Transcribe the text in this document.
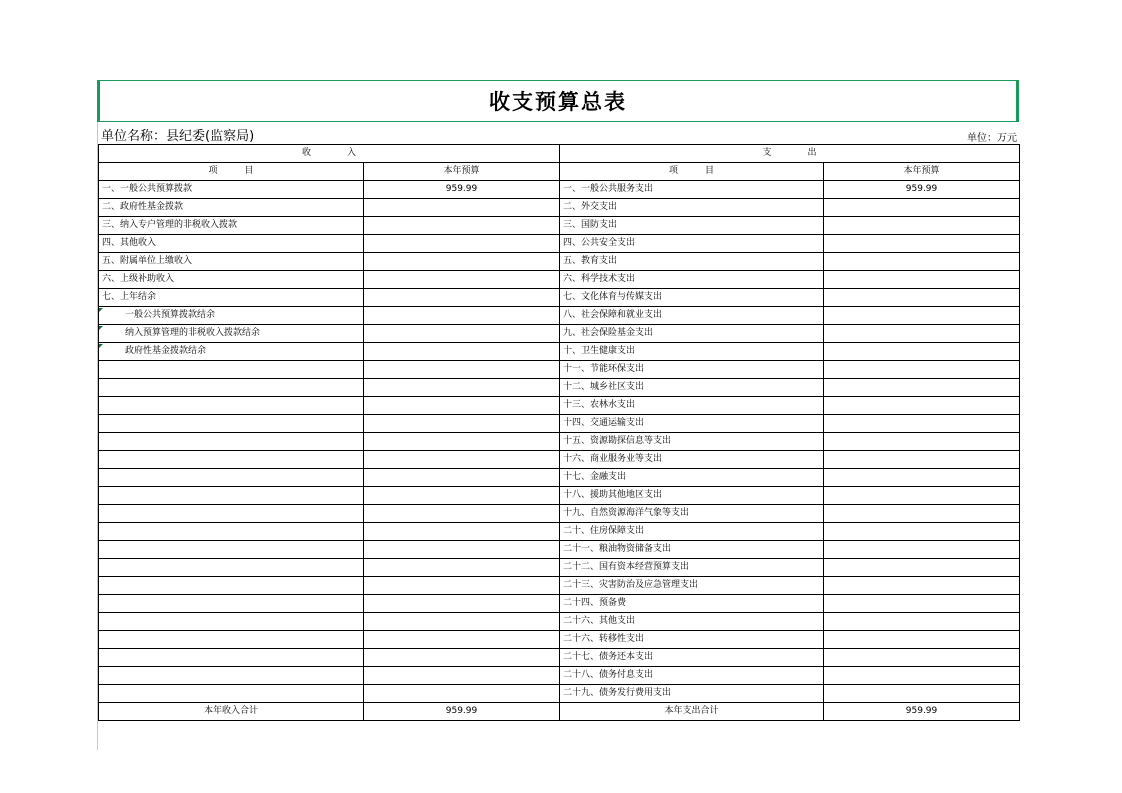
收支预算总表
单位名称：县纪委(监察局)	单位：万元
收　　　　入		支　　　　出	
项　　　目	本年预算	项　　　目	本年预算
一、一般公共预算拨款	959.99	一、一般公共服务支出	959.99
二、政府性基金拨款		二、外交支出	
三、纳入专户管理的非税收入拨款		三、国防支出	
四、其他收入		四、公共安全支出	
五、附属单位上缴收入		五、教育支出	
六、上级补助收入		六、科学技术支出	
七、上年结余		七、文化体育与传媒支出	
一般公共预算拨款结余		八、社会保障和就业支出	
纳入预算管理的非税收入拨款结余		九、社会保险基金支出	
政府性基金拨款结余		十、卫生健康支出	
		十一、节能环保支出	
		十二、城乡社区支出	
		十三、农林水支出	
		十四、交通运输支出	
		十五、资源勘探信息等支出	
		十六、商业服务业等支出	
		十七、金融支出	
		十八、援助其他地区支出	
		十九、自然资源海洋气象等支出	
		二十、住房保障支出	
		二十一、粮油物资储备支出	
		二十二、国有资本经营预算支出	
		二十三、灾害防治及应急管理支出	
		二十四、预备费	
		二十六、其他支出	
		二十六、转移性支出	
		二十七、债务还本支出	
		二十八、债务付息支出	
		二十九、债务发行费用支出	
本年收入合计	959.99	本年支出合计	959.99
